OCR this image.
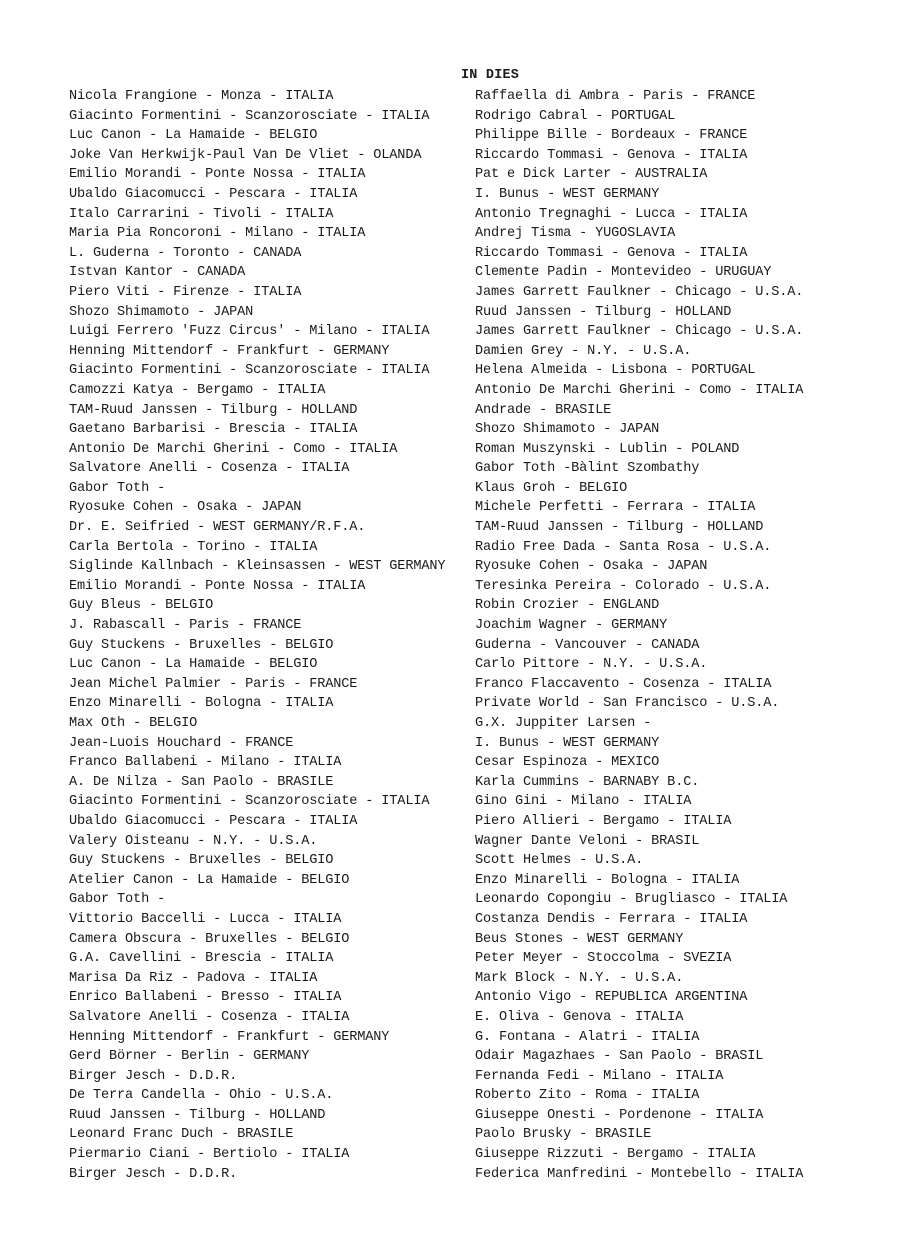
IN DIES
Nicola Frangione - Monza - ITALIA
Giacinto Formentini - Scanzorosciate - ITALIA
Luc Canon - La Hamaide - BELGIO
Joke Van Herkwijk-Paul Van De Vliet - OLANDA
Emilio Morandi - Ponte Nossa - ITALIA
Ubaldo Giacomucci - Pescara - ITALIA
Italo Carrarini - Tivoli - ITALIA
Maria Pia Roncoroni - Milano - ITALIA
L. Guderna - Toronto - CANADA
Istvan Kantor - CANADA
Piero Viti - Firenze - ITALIA
Shozo Shimamoto - JAPAN
Luigi Ferrero 'Fuzz Circus' - Milano - ITALIA
Henning Mittendorf - Frankfurt - GERMANY
Giacinto Formentini - Scanzorosciate - ITALIA
Camozzi Katya - Bergamo - ITALIA
TAM-Ruud Janssen - Tilburg - HOLLAND
Gaetano Barbarisi - Brescia - ITALIA
Antonio De Marchi Gherini - Como - ITALIA
Salvatore Anelli - Cosenza - ITALIA
Gabor Toth -
Ryosuke Cohen - Osaka - JAPAN
Dr. E. Seifried - WEST GERMANY/R.F.A.
Carla Bertola - Torino - ITALIA
Siglinde Kallnbach - Kleinsassen - WEST GERMANY
Emilio Morandi - Ponte Nossa - ITALIA
Guy Bleus - BELGIO
J. Rabascall - Paris - FRANCE
Guy Stuckens - Bruxelles - BELGIO
Luc Canon - La Hamaide - BELGIO
Jean Michel Palmier - Paris - FRANCE
Enzo Minarelli - Bologna - ITALIA
Max Oth - BELGIO
Jean-Luois Houchard - FRANCE
Franco Ballabeni - Milano - ITALIA
A. De Nilza - San Paolo - BRASILE
Giacinto Formentini - Scanzorosciate - ITALIA
Ubaldo Giacomucci - Pescara - ITALIA
Valery Oisteanu - N.Y. - U.S.A.
Guy Stuckens - Bruxelles - BELGIO
Atelier Canon - La Hamaide - BELGIO
Gabor Toth -
Vittorio Baccelli - Lucca - ITALIA
Camera Obscura - Bruxelles - BELGIO
G.A. Cavellini - Brescia - ITALIA
Marisa Da Riz - Padova - ITALIA
Enrico Ballabeni - Bresso - ITALIA
Salvatore Anelli - Cosenza - ITALIA
Henning Mittendorf - Frankfurt - GERMANY
Gerd Börner - Berlin - GERMANY
Birger Jesch - D.D.R.
De Terra Candella - Ohio - U.S.A.
Ruud Janssen - Tilburg - HOLLAND
Leonard Franc Duch - BRASILE
Piermario Ciani - Bertiolo - ITALIA
Birger Jesch - D.D.R.
Raffaella di Ambra - Paris - FRANCE
Rodrigo Cabral - PORTUGAL
Philippe Bille - Bordeaux - FRANCE
Riccardo Tommasi - Genova - ITALIA
Pat e Dick Larter - AUSTRALIA
I. Bunus - WEST GERMANY
Antonio Tregnaghi - Lucca - ITALIA
Andrej Tisma - YUGOSLAVIA
Riccardo Tommasi - Genova - ITALIA
Clemente Padin - Montevideo - URUGUAY
James Garrett Faulkner - Chicago - U.S.A.
Ruud Janssen - Tilburg - HOLLAND
James Garrett Faulkner - Chicago - U.S.A.
Damien Grey - N.Y. - U.S.A.
Helena Almeida - Lisbona - PORTUGAL
Antonio De Marchi Gherini - Como - ITALIA
Andrade - BRASILE
Shozo Shimamoto - JAPAN
Roman Muszynski - Lublin - POLAND
Gabor Toth -Bàlint Szombathy
Klaus Groh - BELGIO
Michele Perfetti - Ferrara - ITALIA
TAM-Ruud Janssen - Tilburg - HOLLAND
Radio Free Dada - Santa Rosa - U.S.A.
Ryosuke Cohen - Osaka - JAPAN
Teresinka Pereira - Colorado - U.S.A.
Robin Crozier - ENGLAND
Joachim Wagner - GERMANY
Guderna - Vancouver - CANADA
Carlo Pittore - N.Y. - U.S.A.
Franco Flaccavento - Cosenza - ITALIA
Private World - San Francisco - U.S.A.
G.X. Juppiter Larsen -
I. Bunus - WEST GERMANY
Cesar Espinoza - MEXICO
Karla Cummins - BARNABY B.C.
Gino Gini - Milano - ITALIA
Piero Allieri - Bergamo - ITALIA
Wagner Dante Veloni - BRASIL
Scott Helmes - U.S.A.
Enzo Minarelli - Bologna - ITALIA
Leonardo Copongiu - Brugliasco - ITALIA
Costanza Dendis - Ferrara - ITALIA
Beus Stones - WEST GERMANY
Peter Meyer - Stoccolma - SVEZIA
Mark Block - N.Y. - U.S.A.
Antonio Vigo - REPUBLICA ARGENTINA
E. Oliva - Genova - ITALIA
G. Fontana - Alatri - ITALIA
Odair Magazhaes - San Paolo - BRASIL
Fernanda Fedi - Milano - ITALIA
Roberto Zito - Roma - ITALIA
Giuseppe Onesti - Pordenone - ITALIA
Paolo Brusky - BRASILE
Giuseppe Rizzuti - Bergamo - ITALIA
Federica Manfredini - Montebello - ITALIA
